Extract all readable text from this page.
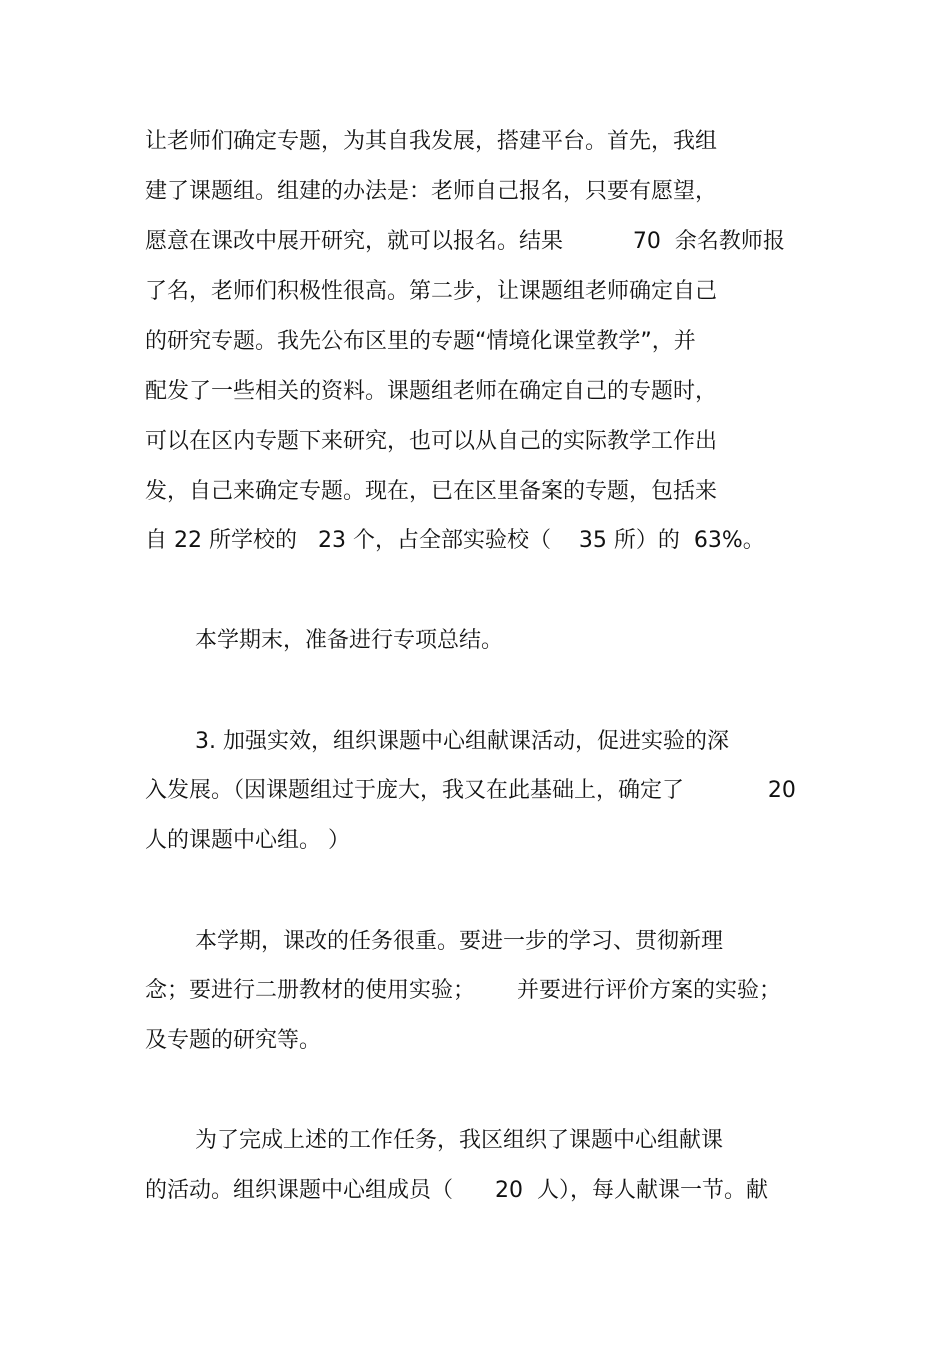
让老师们确定专题，为其自我发展，搭建平台。首先，我组
建了课题组。组建的办法是：老师自己报名，只要有愿望，
愿意在课改中展开研究，就可以报名。结果          70  余名教师报
了名，老师们积极性很高。第二步，让课题组老师确定自己
的研究专题。我先公布区里的专题“情境化课堂教学”，并
配发了一些相关的资料。课题组老师在确定自己的专题时，
可以在区内专题下来研究，也可以从自己的实际教学工作出
发，自己来确定专题。现在，已在区里备案的专题，包括来
自 22 所学校的   23 个，占全部实验校（    35 所）的  63%。
本学期末，准备进行专项总结。
3. 加强实效，组织课题中心组献课活动，促进实验的深
入发展。（因课题组过于庞大，我又在此基础上，确定了            20
人的课题中心组。 ）
本学期，课改的任务很重。要进一步的学习、贯彻新理
念；要进行二册教材的使用实验；      并要进行评价方案的实验；
及专题的研究等。
为了完成上述的工作任务，我区组织了课题中心组献课
的活动。组织课题中心组成员（      20  人），每人献课一节。献
